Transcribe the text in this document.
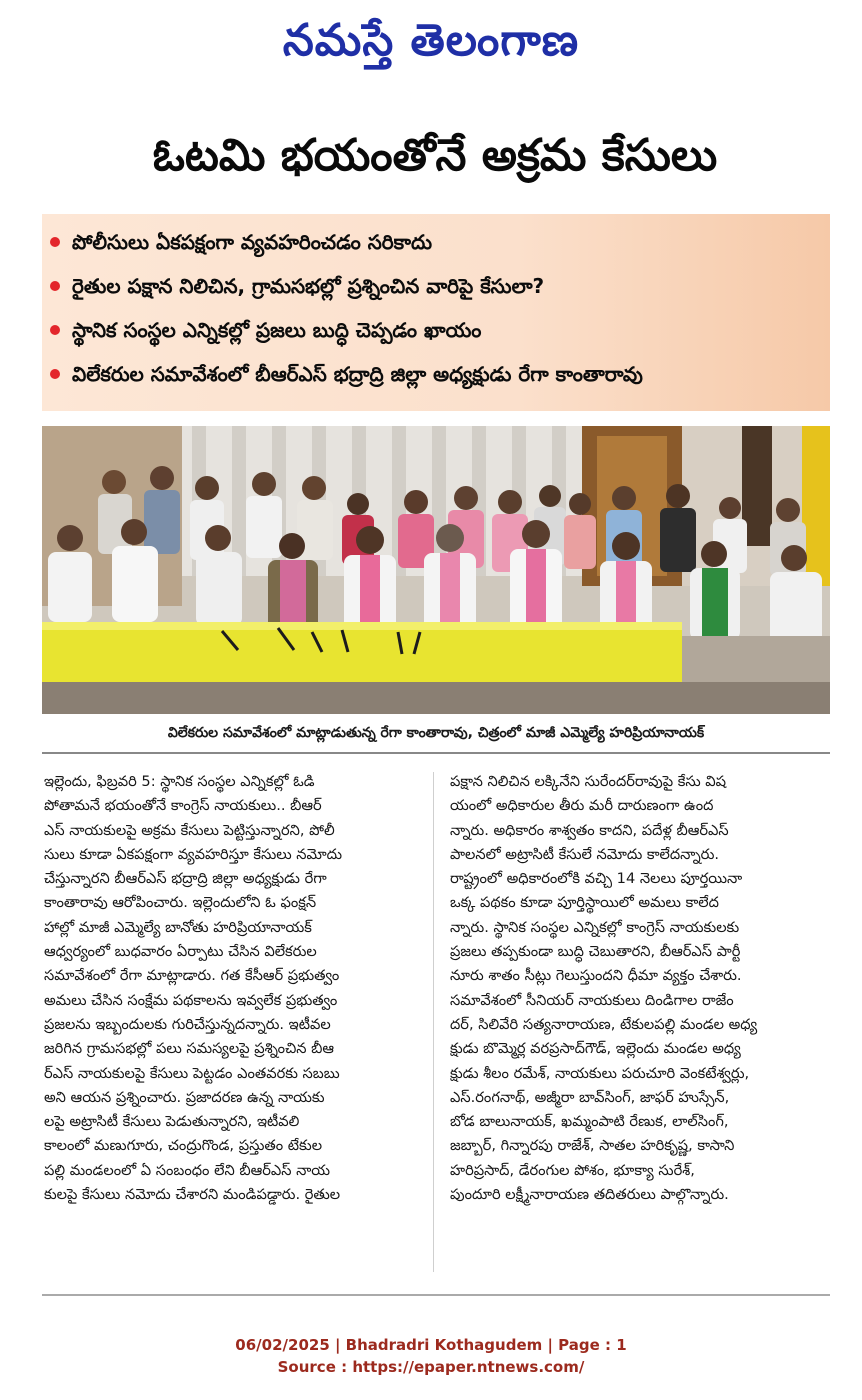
నమస్తే తెలంగాణ
ఓటమి భయంతోనే అక్రమ కేసులు
పోలీసులు ఏకపక్షంగా వ్యవహరించడం సరికాదు
రైతుల పక్షాన నిలిచిన, గ్రామసభల్లో ప్రశ్నించిన వారిపై కేసులా?
స్థానిక సంస్థల ఎన్నికల్లో ప్రజలు బుద్ధి చెప్పడం ఖాయం
విలేకరుల సమావేశంలో బీఆర్ఎస్ భద్రాద్రి జిల్లా అధ్యక్షుడు రేగా కాంతారావు
విలేకరుల సమావేశంలో మాట్లాడుతున్న రేగా కాంతారావు, చిత్రంలో మాజీ ఎమ్మెల్యే హరిప్రియానాయక్
ఇల్లెందు, ఫిబ్రవరి 5: స్థానిక సంస్థల ఎన్నికల్లో ఓడి
పోతామనే భయంతోనే కాంగ్రెస్ నాయకులు.. బీఆర్
ఎస్ నాయకులపై అక్రమ కేసులు పెట్టిస్తున్నారని, పోలీ
సులు కూడా ఏకపక్షంగా వ్యవహరిస్తూ కేసులు నమోదు
చేస్తున్నారని బీఆర్ఎస్ భద్రాద్రి జిల్లా అధ్యక్షుడు రేగా
కాంతారావు ఆరోపించారు. ఇల్లెందులోని ఓ ఫంక్షన్
హాల్లో మాజీ ఎమ్మెల్యే బానోతు హరిప్రియానాయక్
ఆధ్వర్యంలో బుధవారం ఏర్పాటు చేసిన విలేకరుల
సమావేశంలో రేగా మాట్లాడారు. గత కేసీఆర్ ప్రభుత్వం
అమలు చేసిన సంక్షేమ పథకాలను ఇవ్వలేక ప్రభుత్వం
ప్రజలను ఇబ్బందులకు గురిచేస్తున్నదన్నారు. ఇటీవల
జరిగిన గ్రామసభల్లో పలు సమస్యలపై ప్రశ్నించిన బీఆ
ర్ఎస్ నాయకులపై కేసులు పెట్టడం ఎంతవరకు సబబు
అని ఆయన ప్రశ్నించారు. ప్రజాదరణ ఉన్న నాయకు
లపై అట్రాసిటీ కేసులు పెడుతున్నారని, ఇటీవలి
కాలంలో మణుగూరు, చంద్రుగొండ, ప్రస్తుతం టేకుల
పల్లి మండలంలో ఏ సంబంధం లేని బీఆర్ఎస్ నాయ
కులపై కేసులు నమోదు చేశారని మండిపడ్డారు. రైతుల
పక్షాన నిలిచిన లక్కినేని సురేందర్‌రావుపై కేసు విష
యంలో అధికారుల తీరు మరీ దారుణంగా ఉంద
న్నారు. అధికారం శాశ్వతం కాదని, పదేళ్ల బీఆర్ఎస్
పాలనలో అట్రాసిటీ కేసులే నమోదు కాలేదన్నారు.
రాష్ట్రంలో అధికారంలోకి వచ్చి 14 నెలలు పూర్తయినా
ఒక్క పథకం కూడా పూర్తిస్థాయిలో అమలు కాలేద
న్నారు. స్థానిక సంస్థల ఎన్నికల్లో కాంగ్రెస్ నాయకులకు
ప్రజలు తప్పకుండా బుద్ధి చెబుతారని, బీఆర్ఎస్ పార్టీ
నూరు శాతం సీట్లు గెలుస్తుందని ధీమా వ్యక్తం చేశారు.
సమావేశంలో సీనియర్ నాయకులు దిండిగాల రాజేం
దర్, సిలివేరి సత్యనారాయణ, టేకులపల్లి మండల అధ్య
క్షుడు బొమ్మెర్ల వరప్రసాద్‌గౌడ్, ఇల్లెందు మండల అధ్య
క్షుడు శీలం రమేశ్, నాయకులు పరుచూరి వెంకటేశ్వర్లు,
ఎస్.రంగనాథ్, అజ్మీరా బావ్‌సింగ్, జాఫర్ హుస్సేన్,
బోడ బాలునాయక్, ఖమ్మంపాటి రేణుక, లాల్‌సింగ్,
జబ్బార్, గిన్నారపు రాజేశ్, సాతల హరికృష్ణ, కాసాని
హరిప్రసాద్, డేరంగుల పోశం, భూక్యా సురేశ్,
పుందూరి లక్ష్మీనారాయణ తదితరులు పాల్గొన్నారు.
06/02/2025 | Bhadradri Kothagudem | Page : 1
Source : https://epaper.ntnews.com/
